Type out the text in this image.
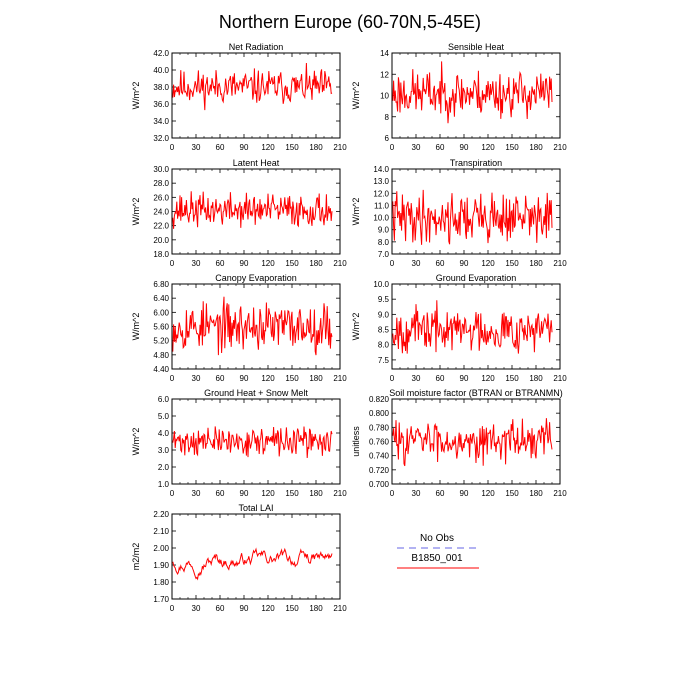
Northern Europe (60-70N,5-45E)
Net Radiation
W/m^2
0 30 60 90 120 150 180 210
32.0
34.0
36.0
38.0
40.0
42.0
Sensible Heat
W/m^2
0 30 60 90 120 150 180 210
6
8
10
12
14
Latent Heat
W/m^2
0 30 60 90 120 150 180 210
18.0
20.0
22.0
24.0
26.0
28.0
30.0
Transpiration
W/m^2
0 30 60 90 120 150 180 210
7.0
8.0
9.0
10.0
11.0
12.0
13.0
14.0
Canopy Evaporation
W/m^2
0 30 60 90 120 150 180 210
4.40
4.80
5.20
5.60
6.00
6.40
6.80
Ground Evaporation
W/m^2
0 30 60 90 120 150 180 210
7.5
8.0
8.5
9.0
9.5
10.0
Ground Heat + Snow Melt
W/m^2
0 30 60 90 120 150 180 210
1.0
2.0
3.0
4.0
5.0
6.0
Soil moisture factor (BTRAN or BTRANMN)
unitless
0 30 60 90 120 150 180 210
0.700
0.720
0.740
0.760
0.780
0.800
0.820
Total LAI
m2/m2
0 30 60 90 120 150 180 210
1.70
1.80
1.90
2.00
2.10
2.20
No Obs
B1850_001
